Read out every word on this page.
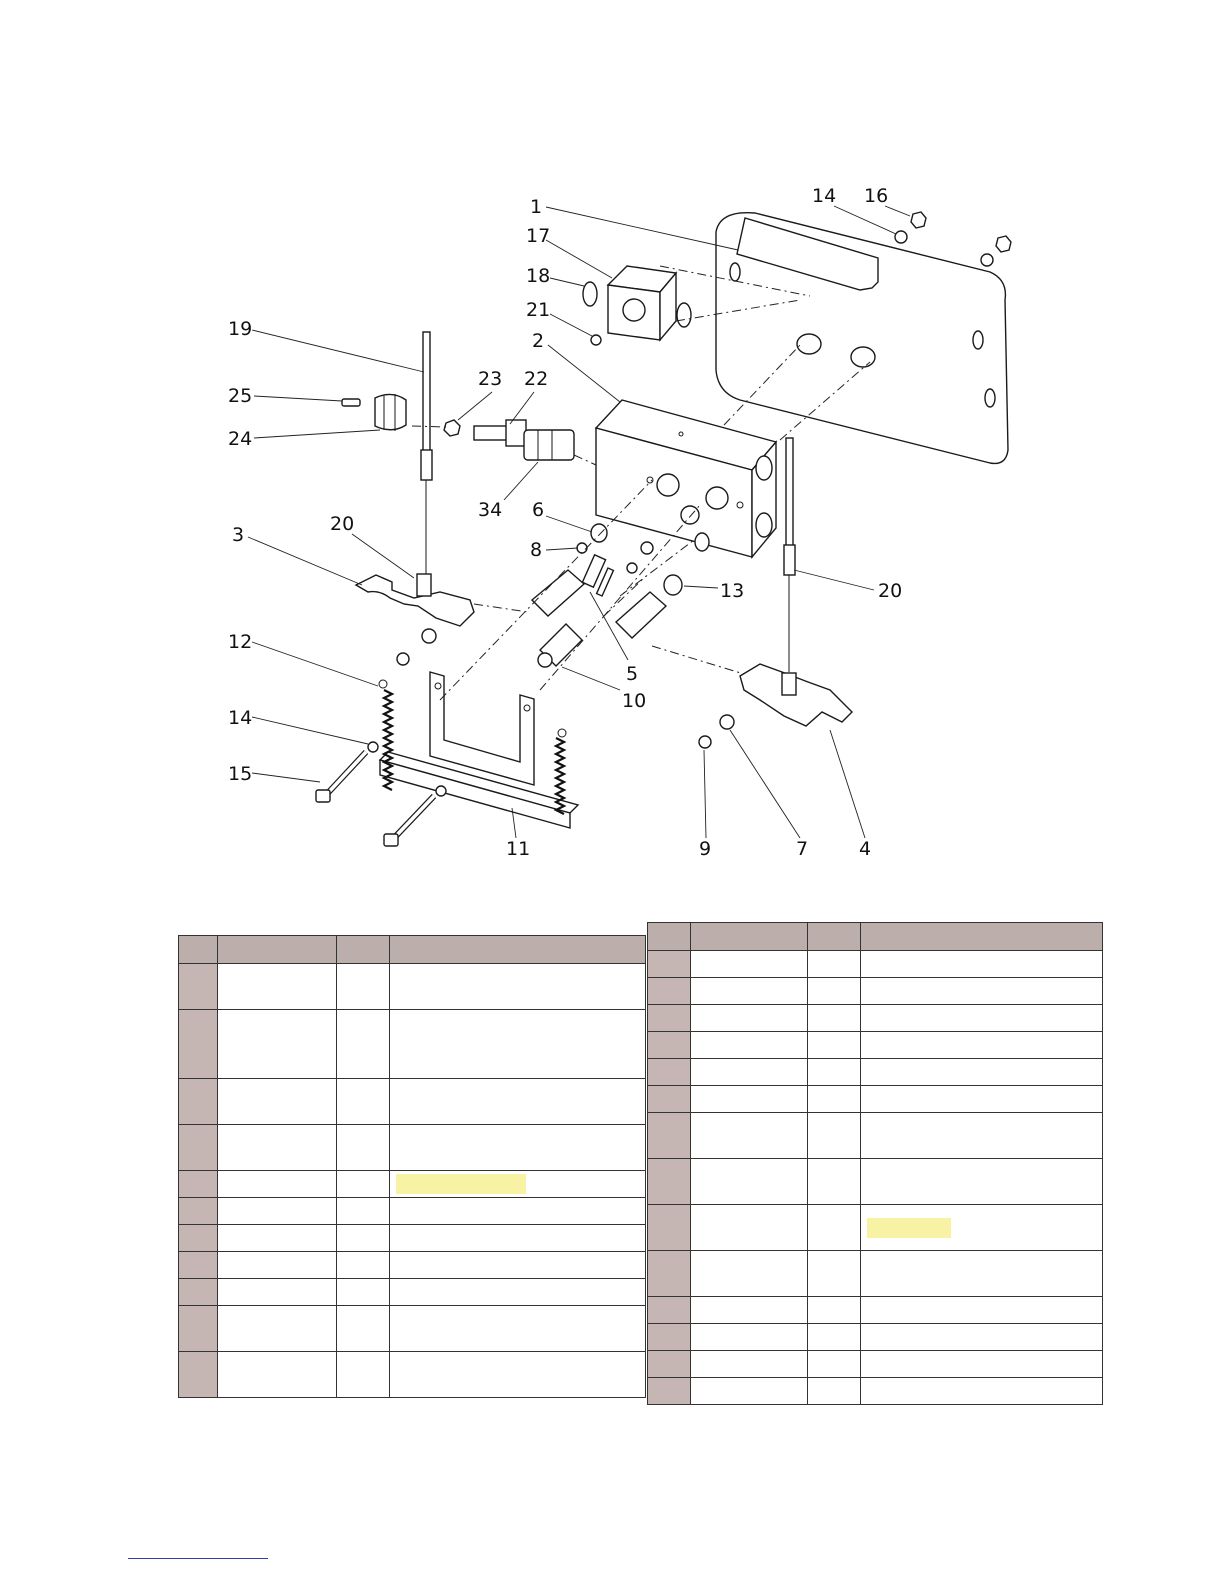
1
17
18
21
2
14 16
19
25
24
23 22
34 6
8
3	20
13	20
5
10
12
14
15
11	9	7	4
